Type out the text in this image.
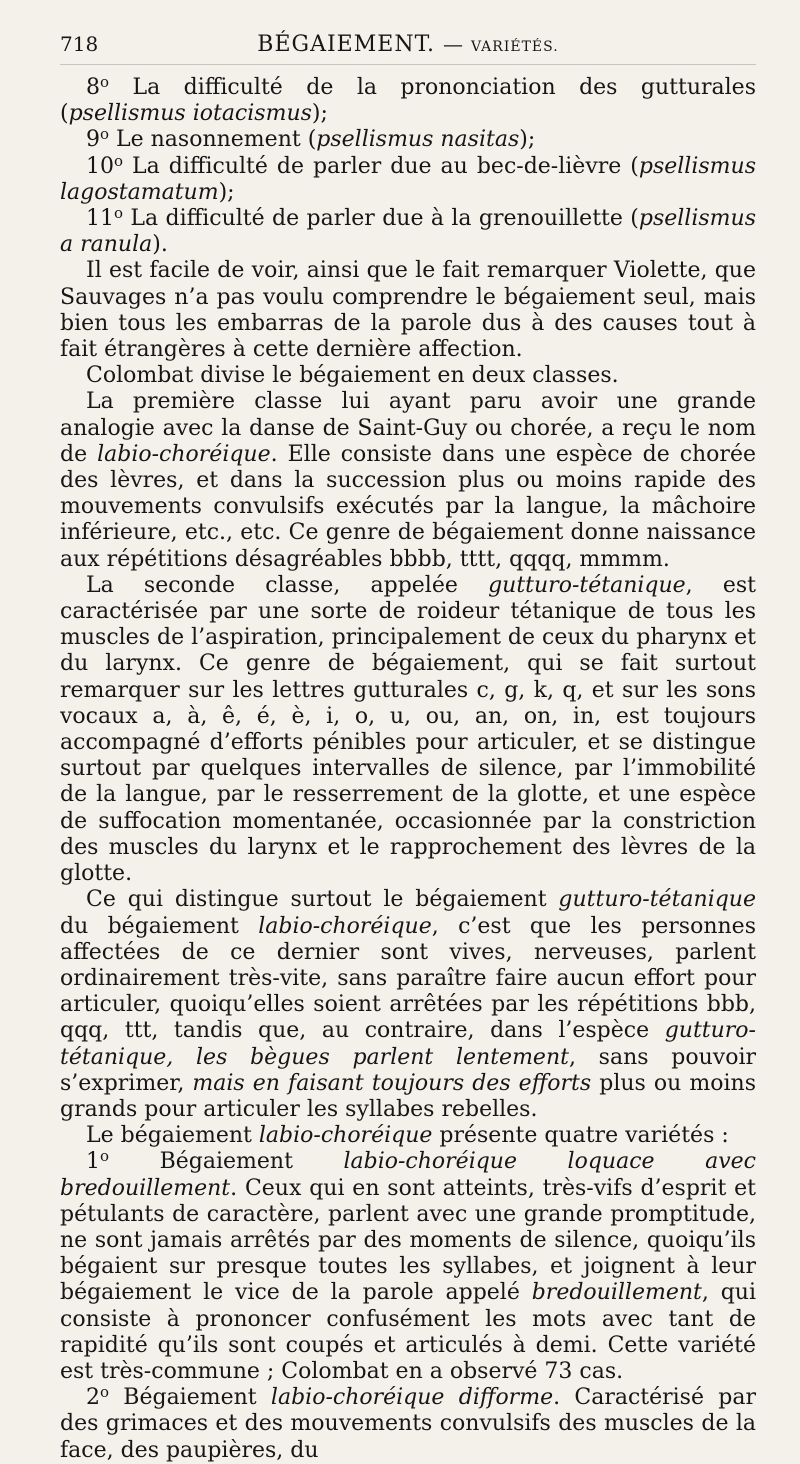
718	BÉGAIEMENT. — VARIÉTÉS.

8$^o$ La difficulté de la prononciation des gutturales (psellismus iotacismus);

9$^o$ Le nasonnement (psellismus nasitas);

10$^o$ La difficulté de parler due au bec-de-lièvre (psellismus lagostamatum);

11$^o$ La difficulté de parler due à la grenouillette (psellismus a ranula).

Il est facile de voir, ainsi que le fait remarquer Violette, que Sauvages n’a pas voulu comprendre le bégaiement seul, mais bien tous les embarras de la parole dus à des causes tout à fait étrangères à cette dernière affection.

Colombat divise le bégaiement en deux classes.

La première classe lui ayant paru avoir une grande analogie avec la danse de Saint-Guy ou chorée, a reçu le nom de labio-choréique. Elle consiste dans une espèce de chorée des lèvres, et dans la succession plus ou moins rapide des mouvements convulsifs exécutés par la langue, la mâchoire inférieure, etc., etc. Ce genre de bégaiement donne naissance aux répétitions désagréables bbbb, tttt, qqqq, mmmm.

La seconde classe, appelée gutturo-tétanique, est caractérisée par une sorte de roideur tétanique de tous les muscles de l’aspiration, principalement de ceux du pharynx et du larynx. Ce genre de bégaiement, qui se fait surtout remarquer sur les lettres gutturales c, g, k, q, et sur les sons vocaux a, à, ê, é, è, i, o, u, ou, an, on, in, est toujours accompagné d’efforts pénibles pour articuler, et se distingue surtout par quelques intervalles de silence, par l’immobilité de la langue, par le resserrement de la glotte, et une espèce de suffocation momentanée, occasionnée par la constriction des muscles du larynx et le rapprochement des lèvres de la glotte.

Ce qui distingue surtout le bégaiement gutturo-tétanique du bégaiement labio-choréique, c’est que les personnes affectées de ce dernier sont vives, nerveuses, parlent ordinairement très-vite, sans paraître faire aucun effort pour articuler, quoiqu’elles soient arrêtées par les répétitions bbb, qqq, ttt, tandis que, au contraire, dans l’espèce gutturo-tétanique, les bègues parlent lentement, sans pouvoir s’exprimer, mais en faisant toujours des efforts plus ou moins grands pour articuler les syllabes rebelles.

Le bégaiement labio-choréique présente quatre variétés :

1$^o$ Bégaiement labio-choréique loquace avec bredouillement. Ceux qui en sont atteints, très-vifs d’esprit et pétulants de caractère, parlent avec une grande promptitude, ne sont jamais arrêtés par des moments de silence, quoiqu’ils bégaient sur presque toutes les syllabes, et joignent à leur bégaiement le vice de la parole appelé bredouillement, qui consiste à prononcer confusément les mots avec tant de rapidité qu’ils sont coupés et articulés à demi. Cette variété est très-commune ; Colombat en a observé 73 cas.

2$^o$ Bégaiement labio-choréique difforme. Caractérisé par des grimaces et des mouvements convulsifs des muscles de la face, des paupières, du
